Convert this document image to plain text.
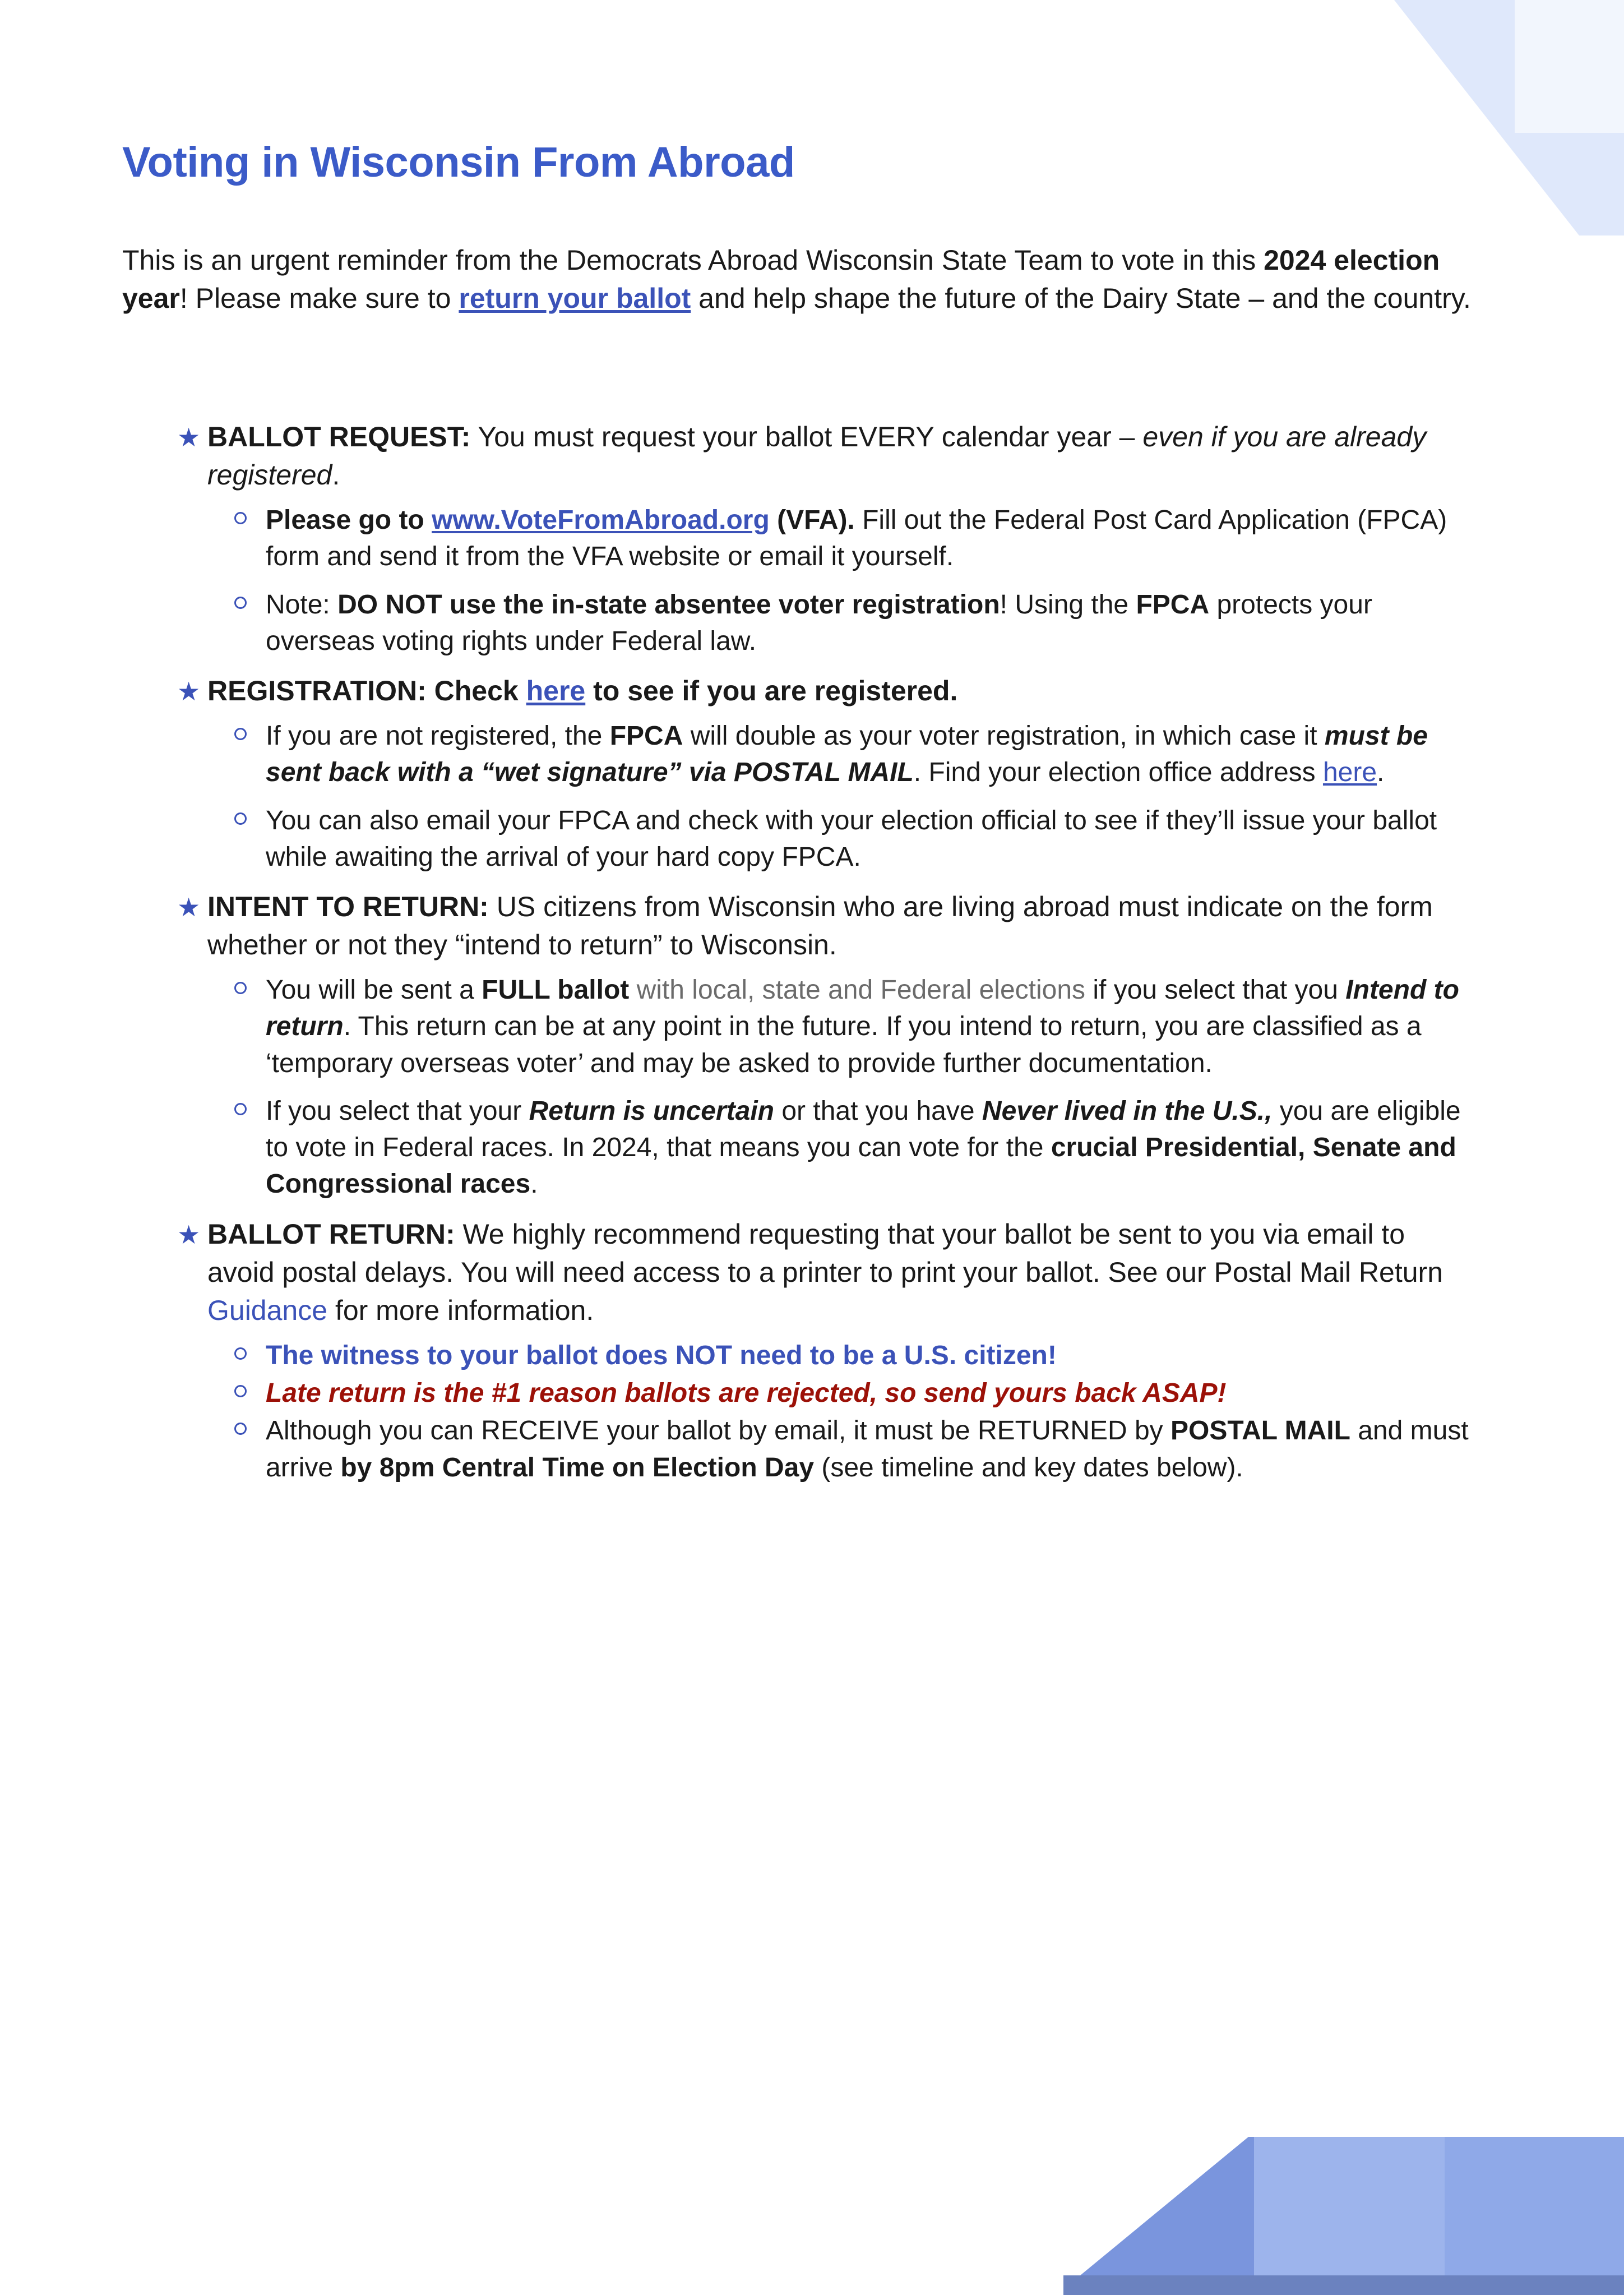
Voting in Wisconsin From Abroad

This is an urgent reminder from the Democrats Abroad Wisconsin State Team to vote in this 2024 election year! Please make sure to return your ballot and help shape the future of the Dairy State – and the country.

★ BALLOT REQUEST: You must request your ballot EVERY calendar year – even if you are already registered.
Please go to www.VoteFromAbroad.org (VFA). Fill out the Federal Post Card Application (FPCA) form and send it from the VFA website or email it yourself.
Note: DO NOT use the in-state absentee voter registration! Using the FPCA protects your overseas voting rights under Federal law.
★ REGISTRATION: Check here to see if you are registered.
If you are not registered, the FPCA will double as your voter registration, in which case it must be sent back with a “wet signature” via POSTAL MAIL. Find your election office address here.
You can also email your FPCA and check with your election official to see if they’ll issue your ballot while awaiting the arrival of your hard copy FPCA.
★ INTENT TO RETURN: US citizens from Wisconsin who are living abroad must indicate on the form whether or not they “intend to return” to Wisconsin.
You will be sent a FULL ballot with local, state and Federal elections if you select that you Intend to return. This return can be at any point in the future. If you intend to return, you are classified as a ‘temporary overseas voter’ and may be asked to provide further documentation.
If you select that your Return is uncertain or that you have Never lived in the U.S., you are eligible to vote in Federal races. In 2024, that means you can vote for the crucial Presidential, Senate and Congressional races.
★ BALLOT RETURN: We highly recommend requesting that your ballot be sent to you via email to avoid postal delays. You will need access to a printer to print your ballot. See our Postal Mail Return Guidance for more information.
The witness to your ballot does NOT need to be a U.S. citizen!
Late return is the #1 reason ballots are rejected, so send yours back ASAP!
Although you can RECEIVE your ballot by email, it must be RETURNED by POSTAL MAIL and must arrive by 8pm Central Time on Election Day (see timeline and key dates below).
